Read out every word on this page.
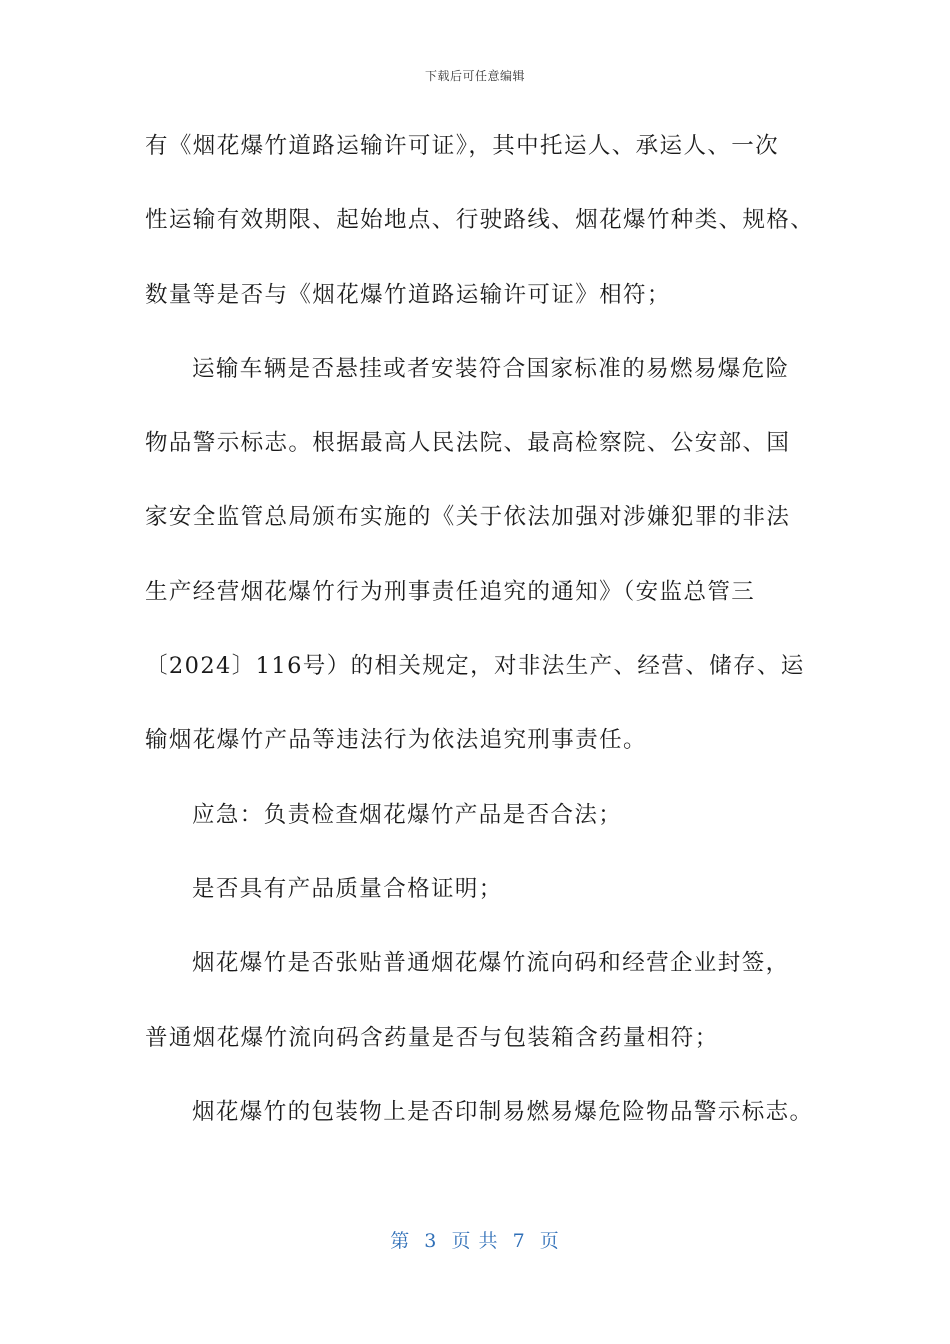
下载后可任意编辑
有《烟花爆竹道路运输许可证》，其中托运人、承运人、一次
性运输有效期限、起始地点、行驶路线、烟花爆竹种类、规格、
数量等是否与《烟花爆竹道路运输许可证》相符；
运输车辆是否悬挂或者安装符合国家标准的易燃易爆危险
物品警示标志。根据最高人民法院、最高检察院、公安部、国
家安全监管总局颁布实施的《关于依法加强对涉嫌犯罪的非法
生产经营烟花爆竹行为刑事责任追究的通知》（安监总管三
〔2024〕116号）的相关规定，对非法生产、经营、储存、运
输烟花爆竹产品等违法行为依法追究刑事责任。
应急：负责检查烟花爆竹产品是否合法；
是否具有产品质量合格证明；
烟花爆竹是否张贴普通烟花爆竹流向码和经营企业封签，
普通烟花爆竹流向码含药量是否与包装箱含药量相符；
烟花爆竹的包装物上是否印制易燃易爆危险物品警示标志。
第  3  页 共  7  页
